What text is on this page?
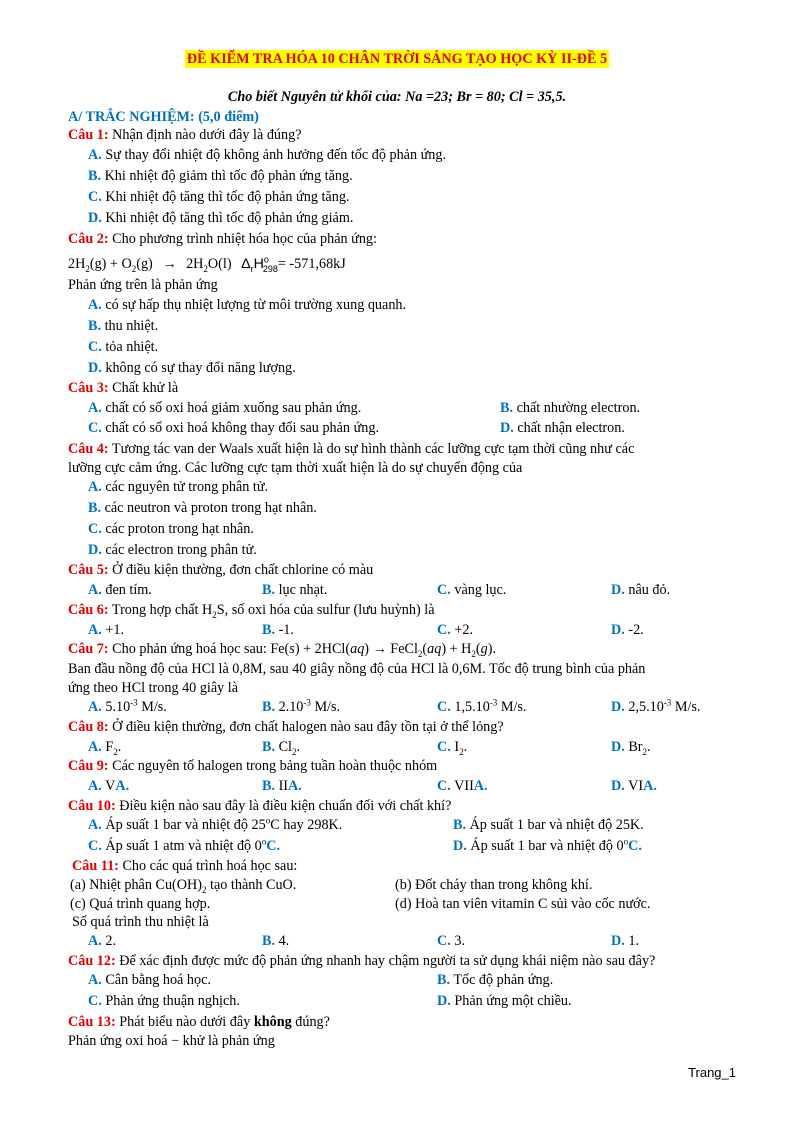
ĐỀ KIỂM TRA HÓA 10 CHÂN TRỜI SÁNG TẠO HỌC KỲ II-ĐỀ 5
Cho biết Nguyên tử khối của: Na =23; Br = 80; Cl = 35,5.
A/ TRẮC NGHIỆM: (5,0 điểm)
Câu 1: Nhận định nào dưới đây là đúng?
A. Sự thay đổi nhiệt độ không ảnh hưởng đến tốc độ phản ứng.
B. Khi nhiệt độ giảm thì tốc độ phản ứng tăng.
C. Khi nhiệt độ tăng thì tốc độ phản ứng tăng.
D. Khi nhiệt độ tăng thì tốc độ phản ứng giảm.
Câu 2: Cho phương trình nhiệt hóa học của phản ứng:
$2H_2(g) + O_2(g) \to 2H_2O(l)$ $\Delta_rH^o_{298}= -571,68kJ$
Phản ứng trên là phản ứng
A. có sự hấp thụ nhiệt lượng từ môi trường xung quanh.
B. thu nhiệt.
C. tỏa nhiệt.
D. không có sự thay đổi năng lượng.
Câu 3: Chất khử là
A. chất có số oxi hoá giảm xuống sau phản ứng.	B. chất nhường electron.
C. chất có số oxi hoá không thay đổi sau phản ứng.	D. chất nhận electron.
Câu 4: Tương tác van der Waals xuất hiện là do sự hình thành các lưỡng cực tạm thời cũng như các
lưỡng cực cảm ứng. Các lưỡng cực tạm thời xuất hiện là do sự chuyển động của
A. các nguyên tử trong phân tử.
B. các neutron và proton trong hạt nhân.
C. các proton trong hạt nhân.
D. các electron trong phân tử.
Câu 5: Ở điều kiện thường, đơn chất chlorine có màu
A. đen tím.	B. lục nhạt.	C. vàng lục.	D. nâu đỏ.
Câu 6: Trong hợp chất $H_2S$, số oxi hóa của sulfur (lưu huỳnh) là
A. +1.	B. -1.	C. +2.	D. -2.
Câu 7: Cho phản ứng hoá học sau: Fe(s) + 2HCl(aq) → FeCl$_2$(aq) + $H_2(g)$.
Ban đầu nồng độ của HCl là 0,8M, sau 40 giây nồng độ của HCl là 0,6M. Tốc độ trung bình của phản
ứng theo HCl trong 40 giây là
A. $5.10^{-3}$ M/s.	B. $2.10^{-3}$ M/s.	C. $1,5.10^{-3}$ M/s.	D. $2,5.10^{-3}$ M/s.
Câu 8: Ở điều kiện thường, đơn chất halogen nào sau đây tồn tại ở thể lỏng?
A. $F_2$.	B. $Cl_2$.	C. $I_2$.	D. $Br_2$.
Câu 9: Các nguyên tố halogen trong bảng tuần hoàn thuộc nhóm
A. VA.	B. IIA.	C. VIIA.	D. VIA.
Câu 10: Điều kiện nào sau đây là điều kiện chuẩn đối với chất khí?
A. Áp suất 1 bar và nhiệt độ 25$^o$C hay 298K.	B. Áp suất 1 bar và nhiệt độ 25K.
C. Áp suất 1 atm và nhiệt độ 0$^o$C.	D. Áp suất 1 bar và nhiệt độ 0$^o$C.
Câu 11: Cho các quá trình hoá học sau:
(a) Nhiệt phân $Cu(OH)_2$ tạo thành CuO.	(b) Đốt cháy than trong không khí.
(c) Quá trình quang hợp.	(d) Hoà tan viên vitamin C sủi vào cốc nước.
Số quá trình thu nhiệt là
A. 2.	B. 4.	C. 3.	D. 1.
Câu 12: Để xác định được mức độ phản ứng nhanh hay chậm người ta sử dụng khái niệm nào sau đây?
A. Cân bằng hoá học.	B. Tốc độ phản ứng.
C. Phản ứng thuận nghịch.	D. Phản ứng một chiều.
Câu 13: Phát biểu nào dưới đây không đúng?
Phản ứng oxi hoá − khử là phản ứng
Trang_1
